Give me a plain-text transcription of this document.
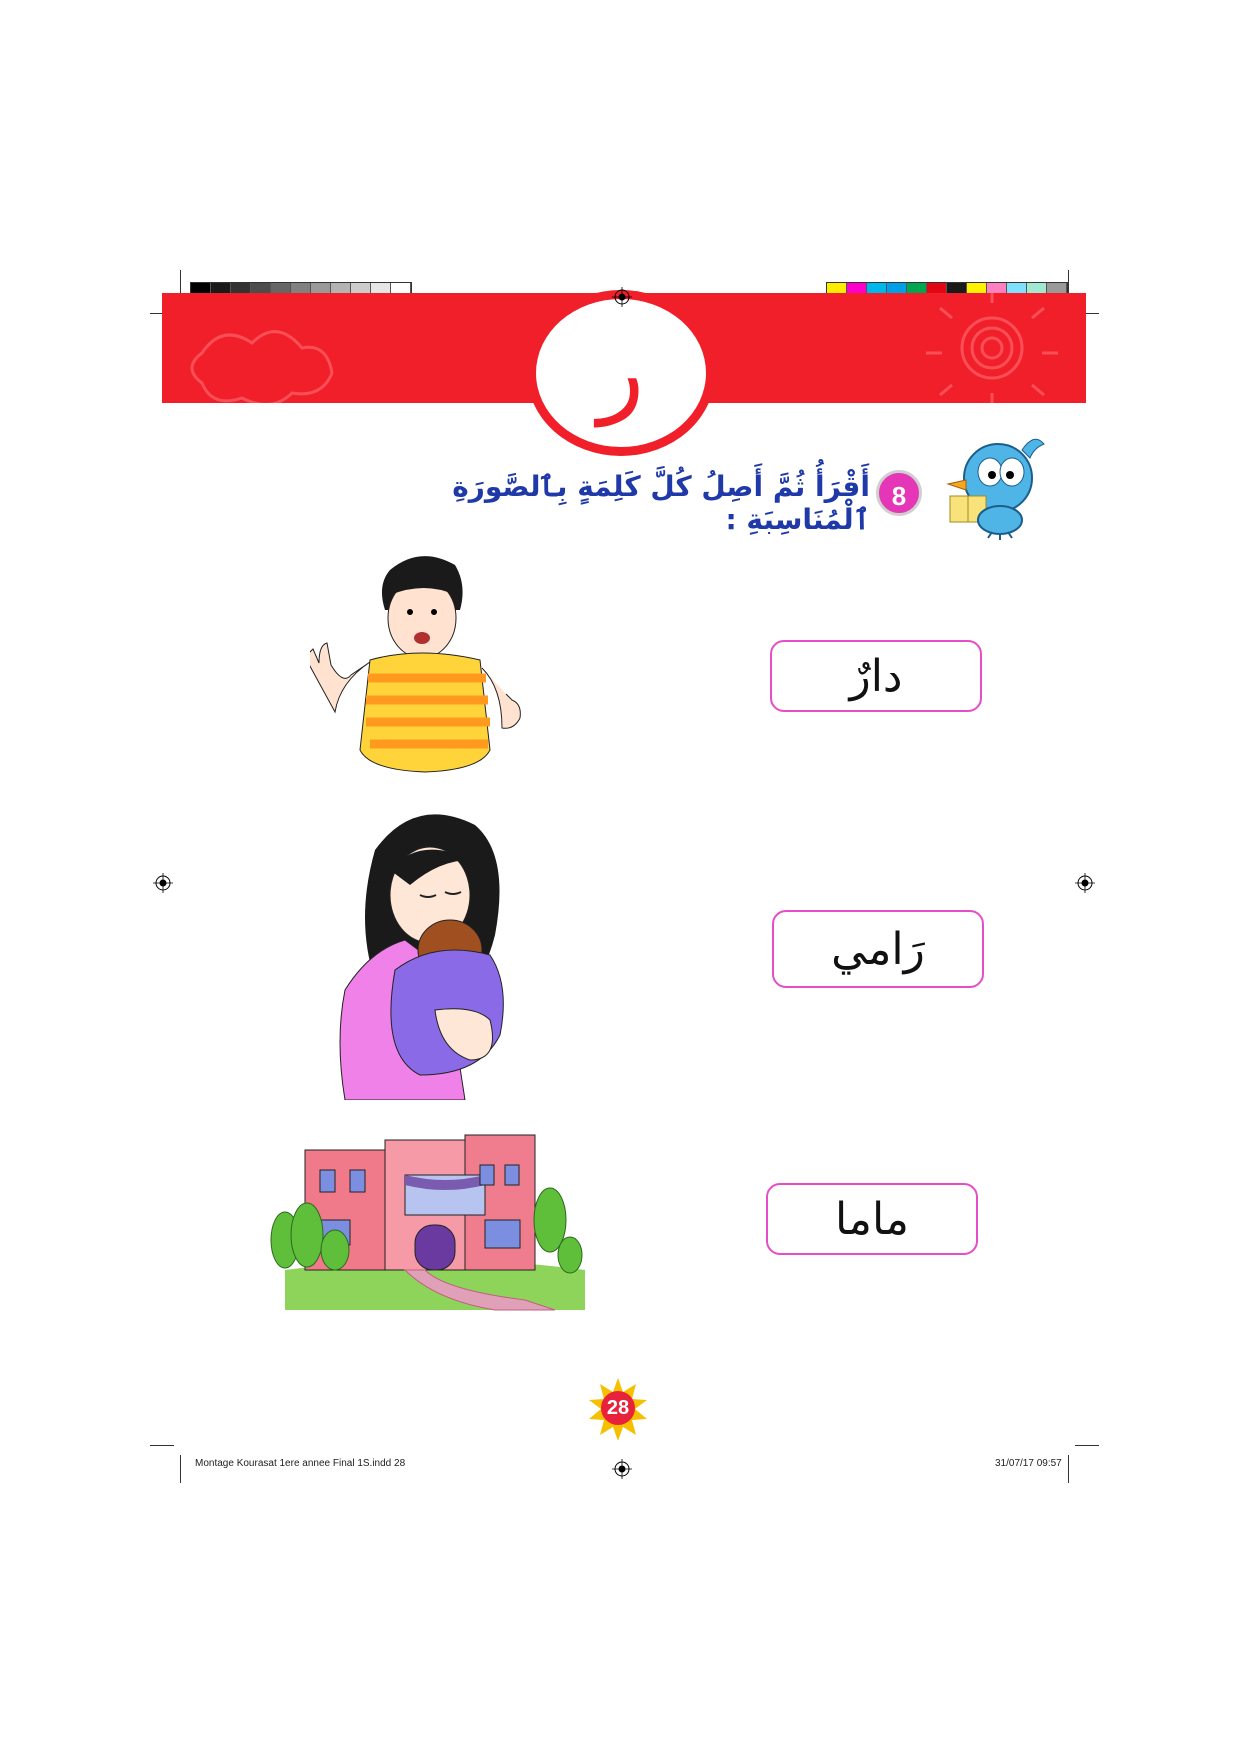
ر
8
أَقْرَأُ ثُمَّ أَصِلُ كُلَّ كَلِمَةٍ بِٱلصَّورَةِ ٱلْمُنَاسِبَةِ :
دارٌ
رَامي
ماما
28
Montage Kourasat 1ere annee Final 1S.indd 28	31/07/17 09:57
